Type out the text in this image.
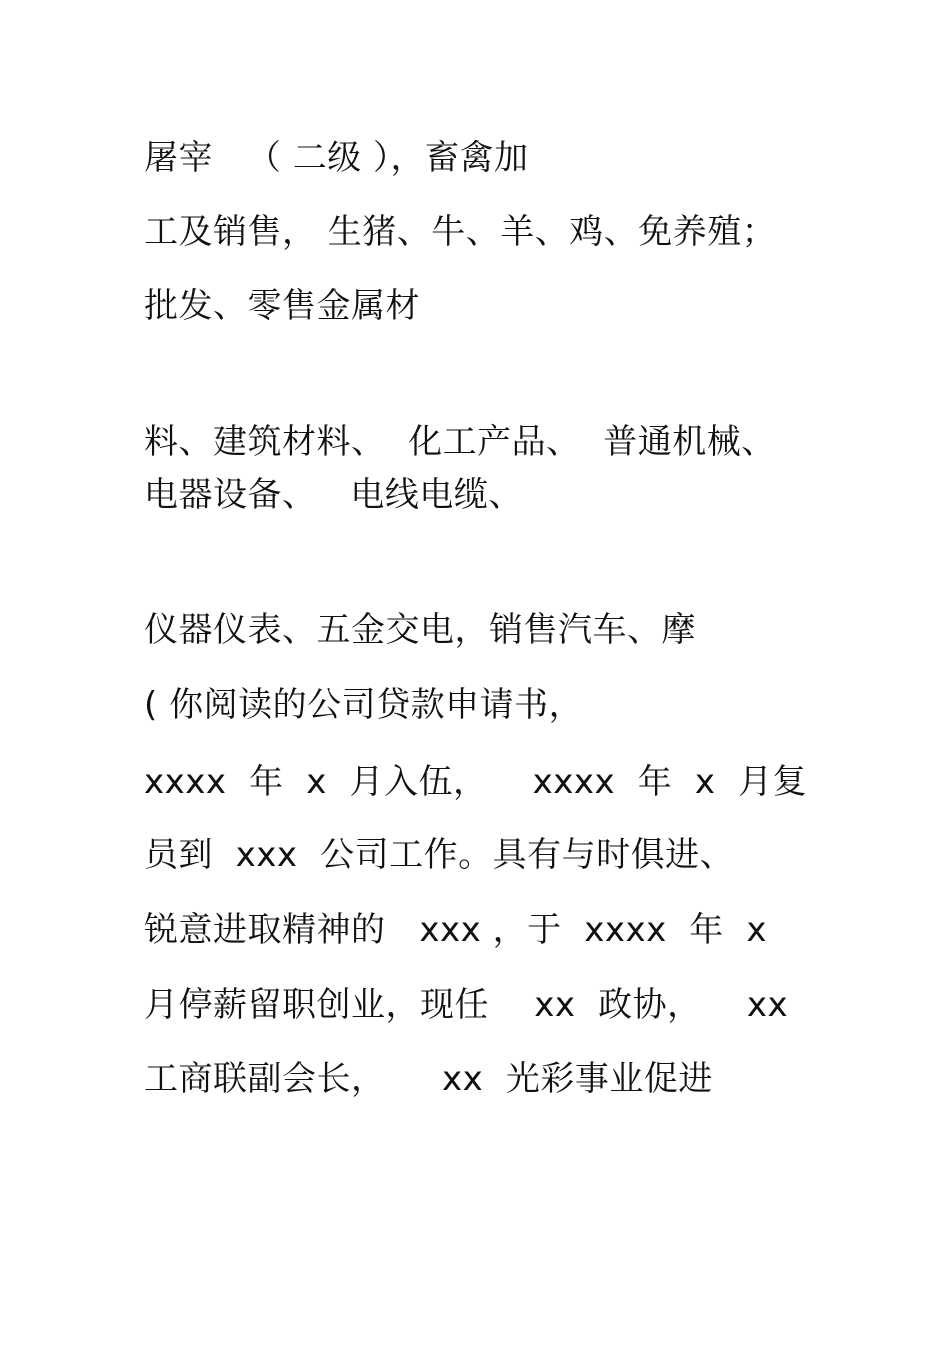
屠宰   （ 二级 ），畜禽加
工及销售， 生猪、牛、羊、鸡、免养殖；
批发、零售金属材
料、建筑材料、  化工产品、  普通机械、
电器设备、   电线电缆、
仪器仪表、五金交电，销售汽车、摩
( 你阅读的公司贷款申请书，
xxxx  年  x  月入伍，    xxxx  年  x  月复
员到  xxx  公司工作。具有与时俱进、
锐意进取精神的   xxx ，于  xxxx  年  x
月停薪留职创业，现任    xx  政协，    xx
工商联副会长，     xx  光彩事业促进
